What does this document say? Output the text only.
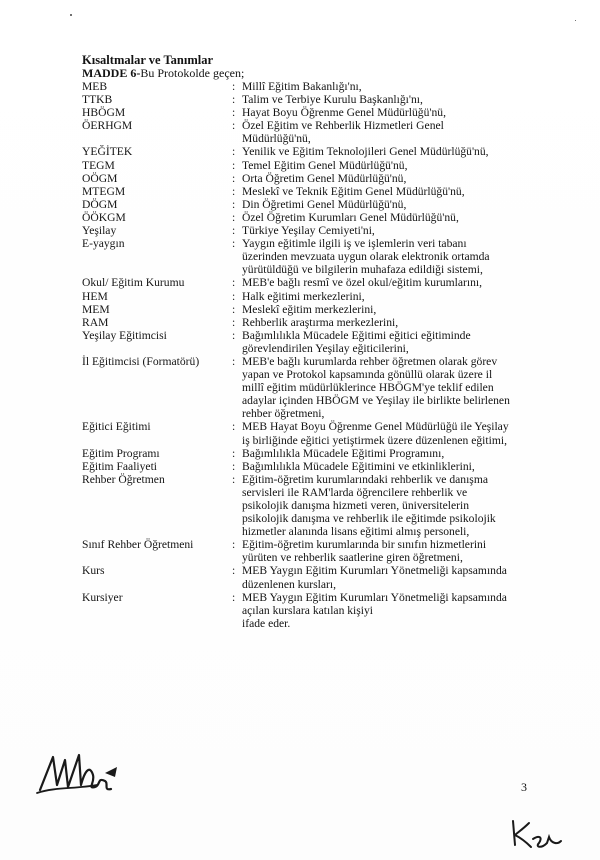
Kısaltmalar ve Tanımlar
MADDE 6-Bu Protokolde geçen;
MEB	: Millî Eğitim Bakanlığı'nı,
TTKB	: Talim ve Terbiye Kurulu Başkanlığı'nı,
HBÖGM	: Hayat Boyu Öğrenme Genel Müdürlüğü'nü,
ÖERHGM	: Özel Eğitim ve Rehberlik Hizmetleri Genel
Müdürlüğü'nü,
YEĞİTEK	: Yenilik ve Eğitim Teknolojileri Genel Müdürlüğü'nü,
TEGM	: Temel Eğitim Genel Müdürlüğü'nü,
OÖGM	: Orta Öğretim Genel Müdürlüğü'nü,
MTEGM	: Meslekî ve Teknik Eğitim Genel Müdürlüğü'nü,
DÖGM	: Din Öğretimi Genel Müdürlüğü'nü,
ÖÖKGM	: Özel Öğretim Kurumları Genel Müdürlüğü'nü,
Yeşilay	: Türkiye Yeşilay Cemiyeti'ni,
E-yaygın	: Yaygın eğitimle ilgili iş ve işlemlerin veri tabanı
üzerinden mevzuata uygun olarak elektronik ortamda
yürütüldüğü ve bilgilerin muhafaza edildiği sistemi,
Okul/ Eğitim Kurumu	: MEB'e bağlı resmî ve özel okul/eğitim kurumlarını,
HEM	: Halk eğitimi merkezlerini,
MEM	: Meslekî eğitim merkezlerini,
RAM	: Rehberlik araştırma merkezlerini,
Yeşilay Eğitimcisi	: Bağımlılıkla Mücadele Eğitimi eğitici eğitiminde
görevlendirilen Yeşilay eğiticilerini,
İl Eğitimcisi (Formatörü)	: MEB'e bağlı kurumlarda rehber öğretmen olarak görev
yapan ve Protokol kapsamında gönüllü olarak üzere il
millî eğitim müdürlüklerince HBÖGM'ye teklif edilen
adaylar içinden HBÖGM ve Yeşilay ile birlikte belirlenen
rehber öğretmeni,
Eğitici Eğitimi	: MEB Hayat Boyu Öğrenme Genel Müdürlüğü ile Yeşilay
iş birliğinde eğitici yetiştirmek üzere düzenlenen eğitimi,
Eğitim Programı	: Bağımlılıkla Mücadele Eğitimi Programını,
Eğitim Faaliyeti	: Bağımlılıkla Mücadele Eğitimini ve etkinliklerini,
Rehber Öğretmen	: Eğitim-öğretim kurumlarındaki rehberlik ve danışma
servisleri ile RAM'larda öğrencilere rehberlik ve
psikolojik danışma hizmeti veren, üniversitelerin
psikolojik danışma ve rehberlik ile eğitimde psikolojik
hizmetler alanında lisans eğitimi almış personeli,
Sınıf Rehber Öğretmeni	: Eğitim-öğretim kurumlarında bir sınıfın hizmetlerini
yürüten ve rehberlik saatlerine giren öğretmeni,
Kurs	: MEB Yaygın Eğitim Kurumları Yönetmeliği kapsamında
düzenlenen kursları,
Kursiyer	: MEB Yaygın Eğitim Kurumları Yönetmeliği kapsamında
açılan kurslara katılan kişiyi
ifade eder.
3
